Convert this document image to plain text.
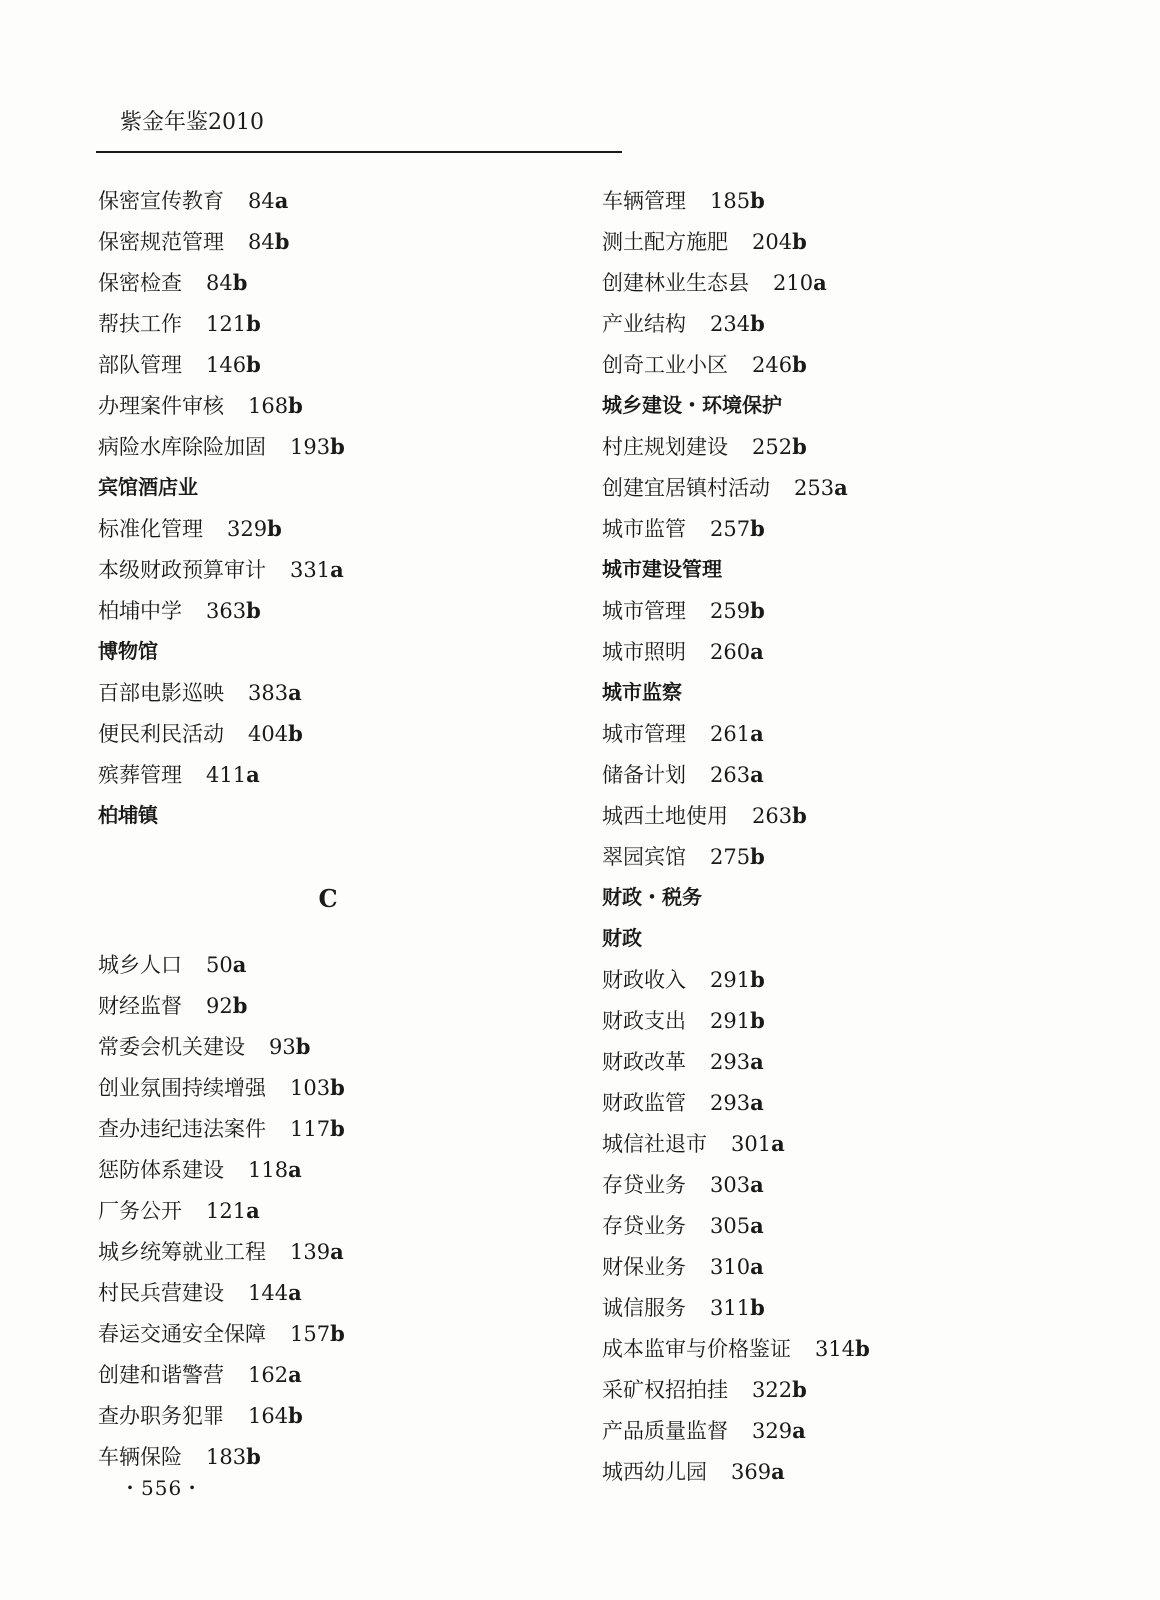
紫金年鉴2010
保密宣传教育 84a
保密规范管理 84b
保密检查 84b
帮扶工作 121b
部队管理 146b
办理案件审核 168b
病险水库除险加固 193b
宾馆酒店业
标准化管理 329b
本级财政预算审计 331a
柏埔中学 363b
博物馆
百部电影巡映 383a
便民利民活动 404b
殡葬管理 411a
柏埔镇
C
城乡人口 50a
财经监督 92b
常委会机关建设 93b
创业氛围持续增强 103b
查办违纪违法案件 117b
惩防体系建设 118a
厂务公开 121a
城乡统筹就业工程 139a
村民兵营建设 144a
春运交通安全保障 157b
创建和谐警营 162a
查办职务犯罪 164b
车辆保险 183b
车辆管理 185b
测土配方施肥 204b
创建林业生态县 210a
产业结构 234b
创奇工业小区 246b
城乡建设・环境保护
村庄规划建设 252b
创建宜居镇村活动 253a
城市监管 257b
城市建设管理
城市管理 259b
城市照明 260a
城市监察
城市管理 261a
储备计划 263a
城西土地使用 263b
翠园宾馆 275b
财政・税务
财政
财政收入 291b
财政支出 291b
财政改革 293a
财政监管 293a
城信社退市 301a
存贷业务 303a
存贷业务 305a
财保业务 310a
诚信服务 311b
成本监审与价格鉴证 314b
采矿权招拍挂 322b
产品质量监督 329a
城西幼儿园 369a
・556・
